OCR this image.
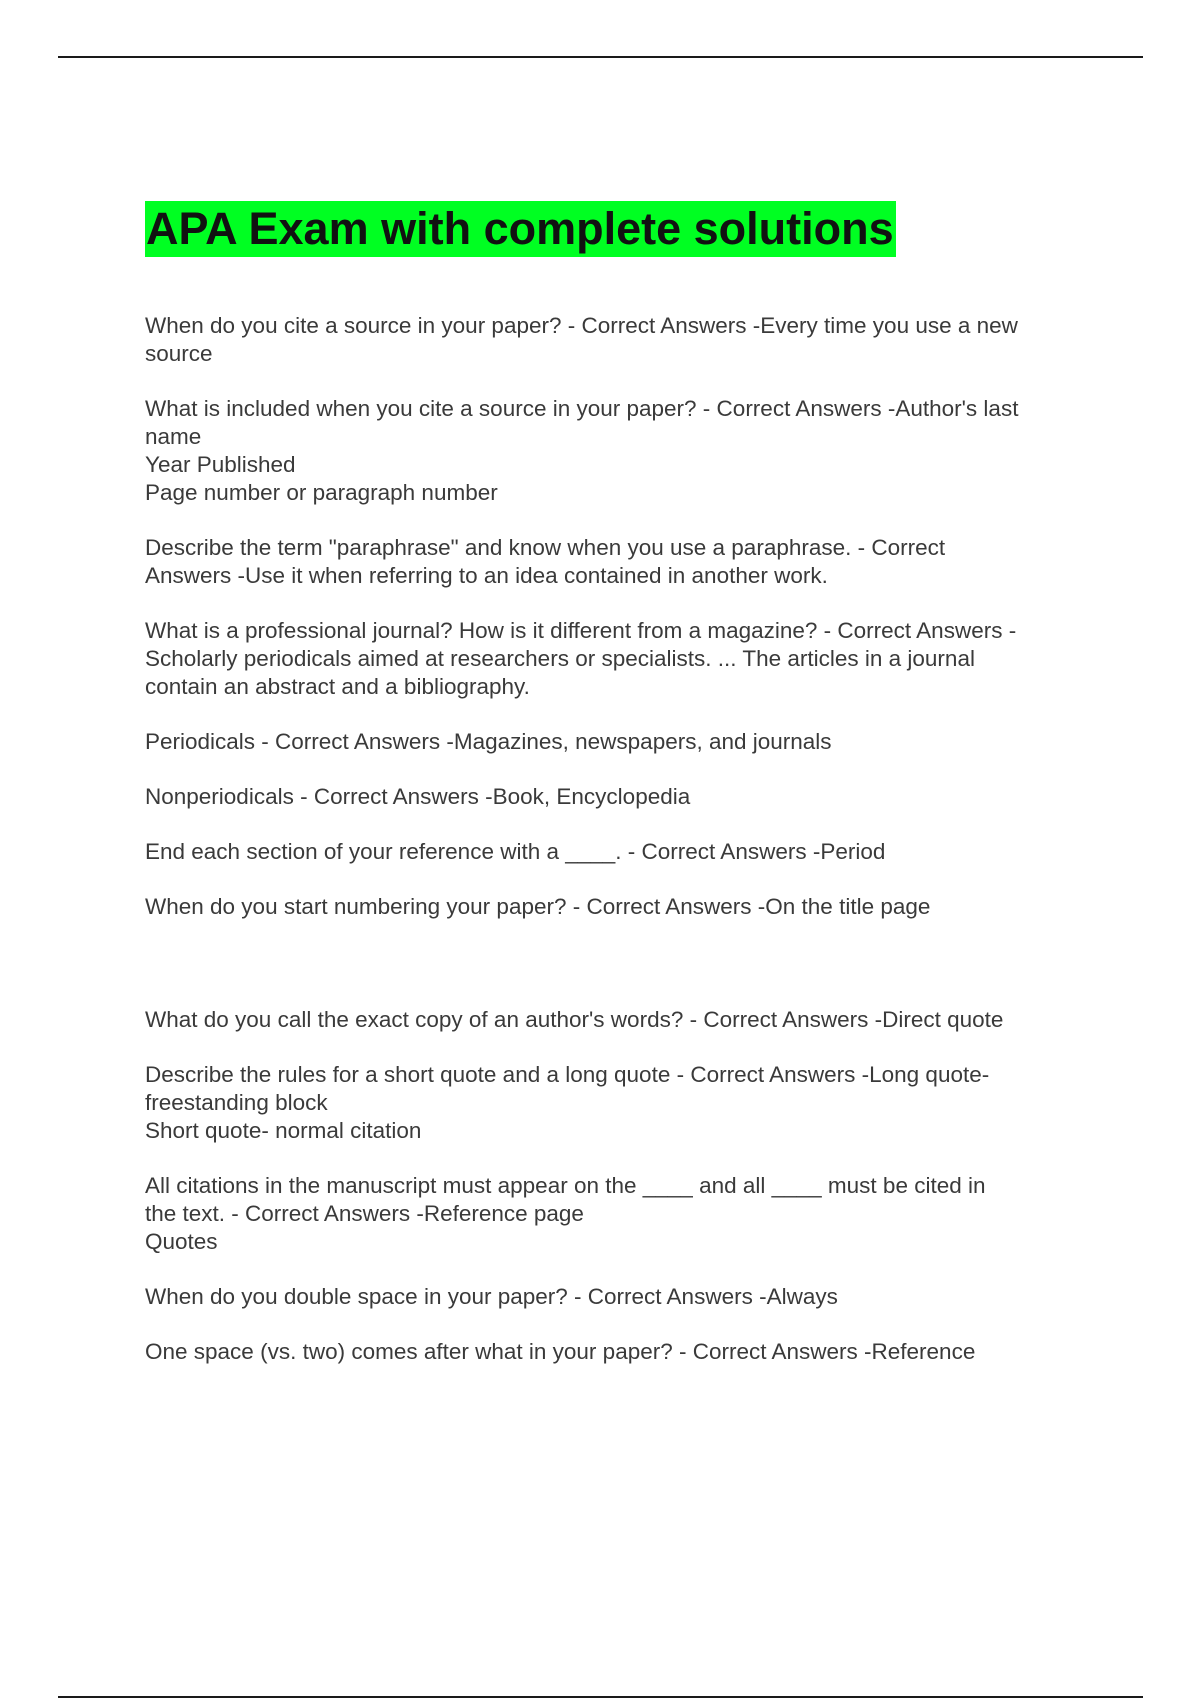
APA Exam with complete solutions
When do you cite a source in your paper? - Correct Answers -Every time you use a new
source
What is included when you cite a source in your paper? - Correct Answers -Author's last
name
Year Published
Page number or paragraph number
Describe the term "paraphrase" and know when you use a paraphrase. - Correct
Answers -Use it when referring to an idea contained in another work.
What is a professional journal? How is it different from a magazine? - Correct Answers -
Scholarly periodicals aimed at researchers or specialists. ... The articles in a journal
contain an abstract and a bibliography.
Periodicals - Correct Answers -Magazines, newspapers, and journals
Nonperiodicals - Correct Answers -Book, Encyclopedia
End each section of your reference with a ____. - Correct Answers -Period
When do you start numbering your paper? - Correct Answers -On the title page
What do you call the exact copy of an author's words? - Correct Answers -Direct quote
Describe the rules for a short quote and a long quote - Correct Answers -Long quote-
freestanding block
Short quote- normal citation
All citations in the manuscript must appear on the ____ and all ____ must be cited in
the text. - Correct Answers -Reference page
Quotes
When do you double space in your paper? - Correct Answers -Always
One space (vs. two) comes after what in your paper? - Correct Answers -Reference
